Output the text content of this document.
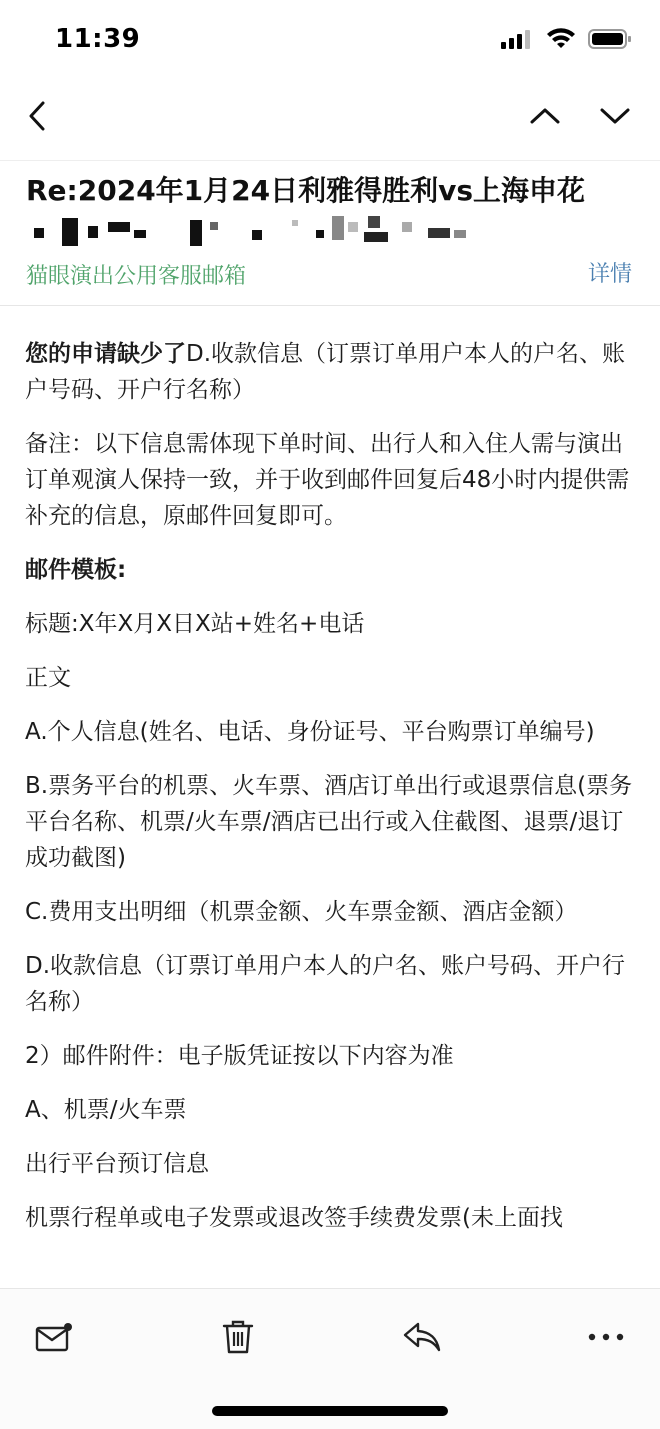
11:39
Re:2024年1月24日利雅得胜利vs上海申花
猫眼演出公用客服邮箱	详情

您的申请缺少了D.收款信息（订票订单用户本人的户名、账户号码、开户行名称）

备注：以下信息需体现下单时间、出行人和入住人需与演出订单观演人保持一致，并于收到邮件回复后48小时内提供需补充的信息，原邮件回复即可。

邮件模板:

标题:X年X月X日X站+姓名+电话

正文

A.个人信息(姓名、电话、身份证号、平台购票订单编号)

B.票务平台的机票、火车票、酒店订单出行或退票信息(票务平台名称、机票/火车票/酒店已出行或入住截图、退票/退订成功截图)

C.费用支出明细（机票金额、火车票金额、酒店金额）

D.收款信息（订票订单用户本人的户名、账户号码、开户行名称）

2）邮件附件：电子版凭证按以下内容为准

A、机票/火车票

出行平台预订信息

机票行程单或电子发票或退改签手续费发票(未上面找
